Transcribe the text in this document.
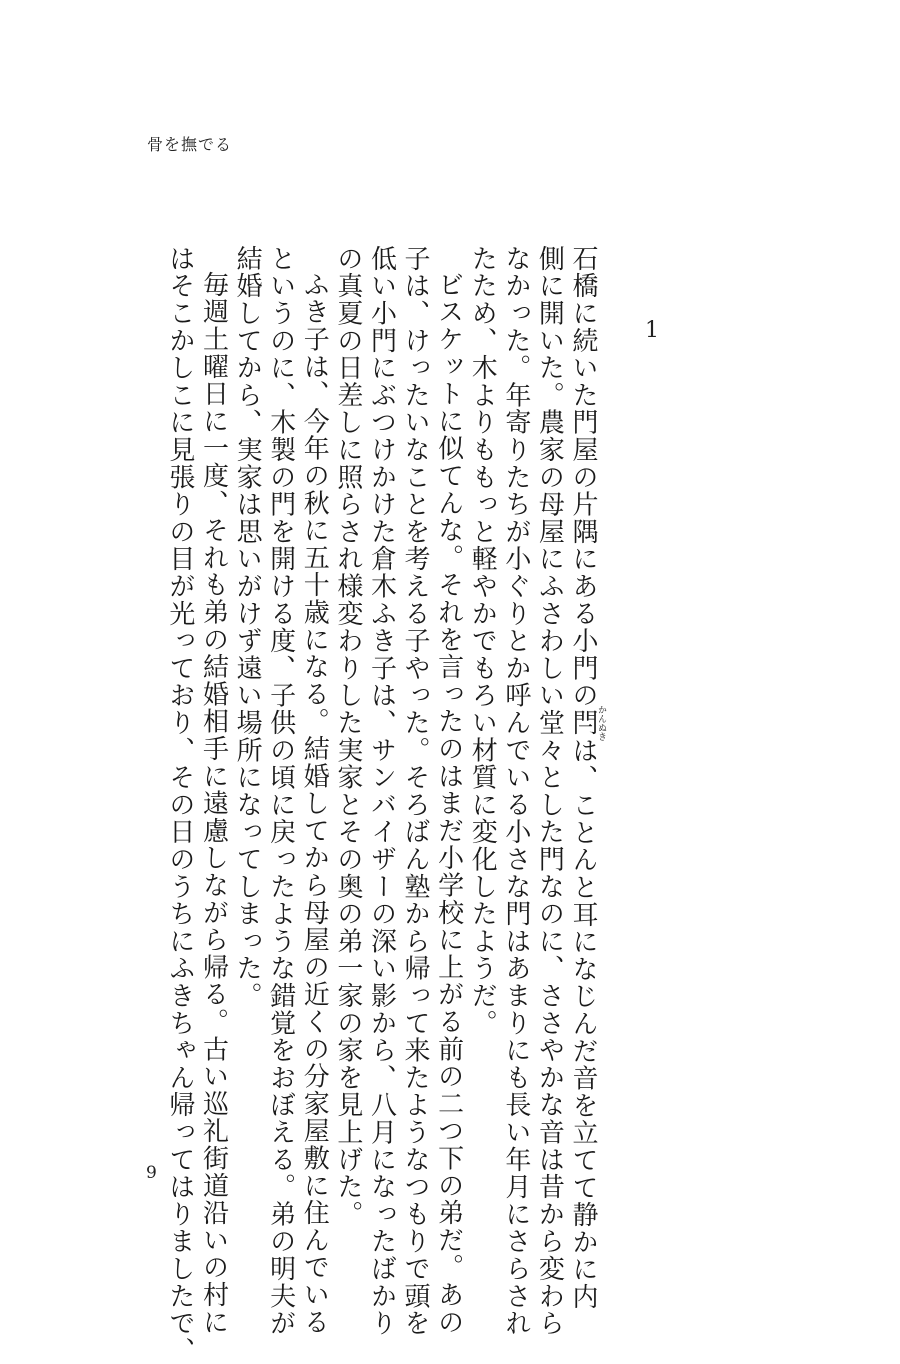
骨を撫でる
1
石橋に続いた門屋の片隅にある小門の閂かんぬきは、ことんと耳になじんだ音を立てて静かに内
側に開いた。農家の母屋にふさわしい堂々とした門なのに、ささやかな音は昔から変わら
なかった。年寄りたちが小ぐりとか呼んでいる小さな門はあまりにも長い年月にさらされ
たため、木よりももっと軽やかでもろい材質に変化したようだ。
ビスケットに似てんな。それを言ったのはまだ小学校に上がる前の二つ下の弟だ。あの
子は、けったいなことを考える子やった。そろばん塾から帰って来たようなつもりで頭を
低い小門にぶつけかけた倉木ふき子は、サンバイザーの深い影から、八月になったばかり
の真夏の日差しに照らされ様変わりした実家とその奥の弟一家の家を見上げた。
ふき子は、今年の秋に五十歳になる。結婚してから母屋の近くの分家屋敷に住んでいる
というのに、木製の門を開ける度、子供の頃に戻ったような錯覚をおぼえる。弟の明夫が
結婚してから、実家は思いがけず遠い場所になってしまった。
毎週土曜日に一度、それも弟の結婚相手に遠慮しながら帰る。古い巡礼街道沿いの村に
はそこかしこに見張りの目が光っており、その日のうちにふきちゃん帰ってはりましたで、
9
